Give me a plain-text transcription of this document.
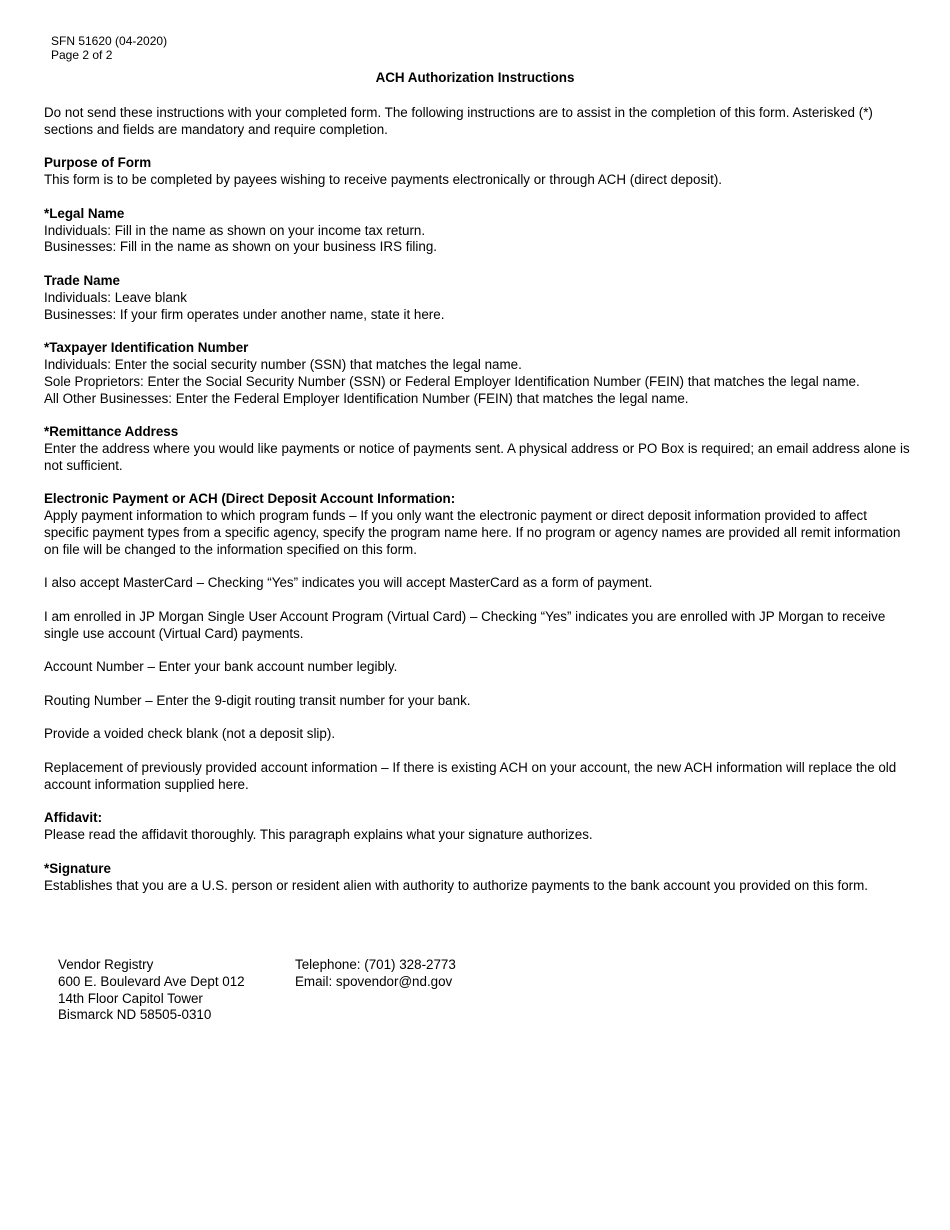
SFN 51620 (04-2020)
Page 2 of 2
ACH Authorization Instructions

Do not send these instructions with your completed form. The following instructions are to assist in the completion of this form. Asterisked (*) sections and fields are mandatory and require completion.

Purpose of Form
This form is to be completed by payees wishing to receive payments electronically or through ACH (direct deposit).
*Legal Name
Individuals: Fill in the name as shown on your income tax return.
Businesses: Fill in the name as shown on your business IRS filing.
Trade Name
Individuals: Leave blank
Businesses: If your firm operates under another name, state it here.
*Taxpayer Identification Number
Individuals: Enter the social security number (SSN) that matches the legal name.
Sole Proprietors: Enter the Social Security Number (SSN) or Federal Employer Identification Number (FEIN) that matches the legal name.
All Other Businesses: Enter the Federal Employer Identification Number (FEIN) that matches the legal name.
*Remittance Address
Enter the address where you would like payments or notice of payments sent. A physical address or PO Box is required; an email address alone is not sufficient.
Electronic Payment or ACH (Direct Deposit Account Information:
Apply payment information to which program funds – If you only want the electronic payment or direct deposit information provided to affect specific payment types from a specific agency, specify the program name here. If no program or agency names are provided all remit information on file will be changed to the information specified on this form.

I also accept MasterCard – Checking “Yes” indicates you will accept MasterCard as a form of payment.

I am enrolled in JP Morgan Single User Account Program (Virtual Card) – Checking “Yes” indicates you are enrolled with JP Morgan to receive single use account (Virtual Card) payments.

Account Number – Enter your bank account number legibly.

Routing Number – Enter the 9-digit routing transit number for your bank.

Provide a voided check blank (not a deposit slip).

Replacement of previously provided account information – If there is existing ACH on your account, the new ACH information will replace the old account information supplied here.

Affidavit:
Please read the affidavit thoroughly. This paragraph explains what your signature authorizes.
*Signature
Establishes that you are a U.S. person or resident alien with authority to authorize payments to the bank account you provided on this form.
Vendor Registry
600 E. Boulevard Ave Dept 012
14th Floor Capitol Tower
Bismarck ND 58505-0310
Telephone: (701) 328-2773
Email: spovendor@nd.gov
